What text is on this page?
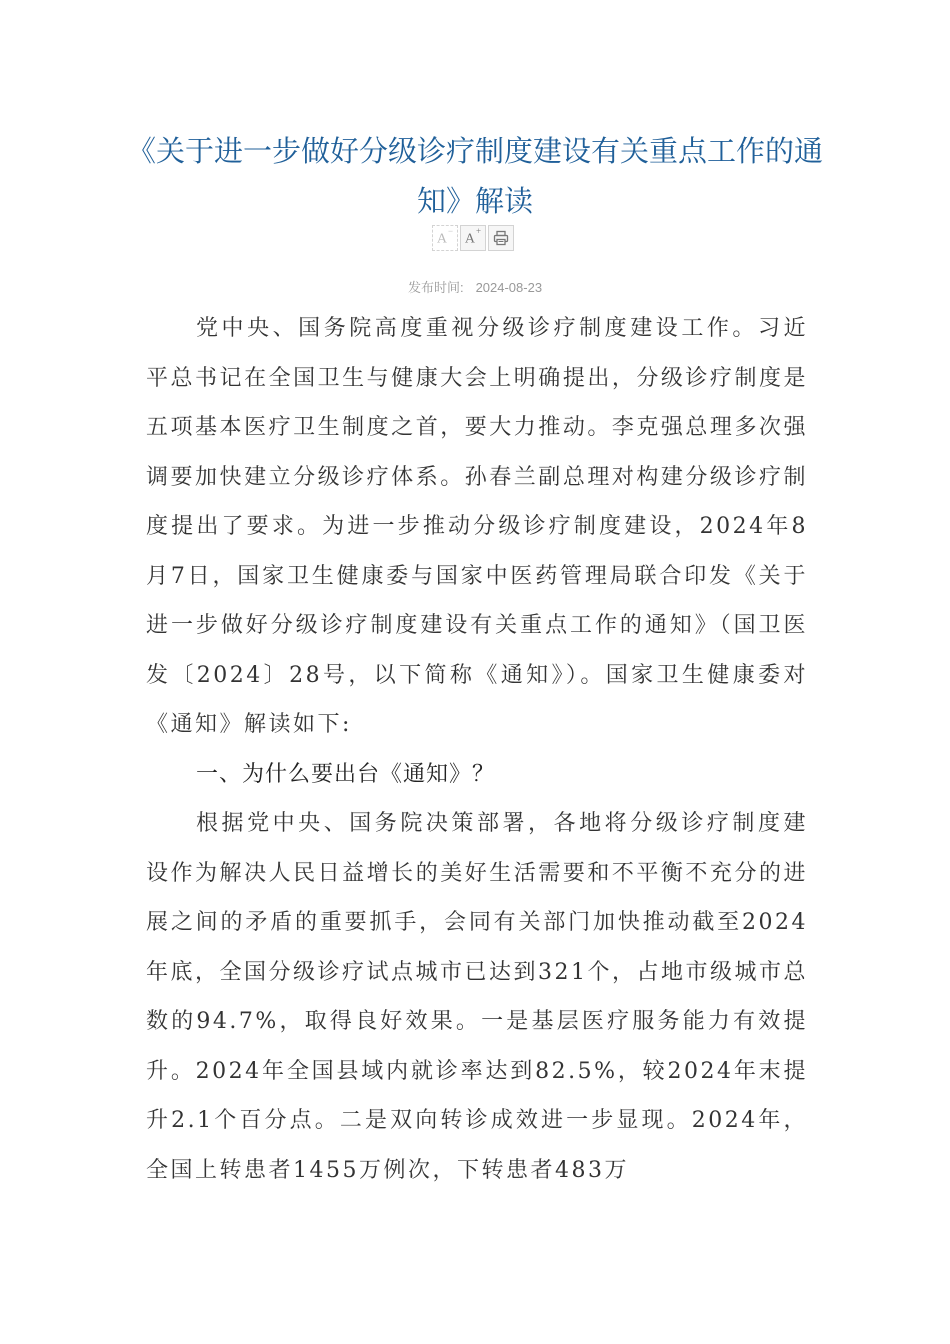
《关于进一步做好分级诊疗制度建设有关重点工作的通知》解读
A−
A+
发布时间: 2024-08-23

党中央、国务院高度重视分级诊疗制度建设工作。习近平总书记在全国卫生与健康大会上明确提出，分级诊疗制度是五项基本医疗卫生制度之首，要大力推动。李克强总理多次强调要加快建立分级诊疗体系。孙春兰副总理对构建分级诊疗制度提出了要求。为进一步推动分级诊疗制度建设，2024年8月7日，国家卫生健康委与国家中医药管理局联合印发《关于进一步做好分级诊疗制度建设有关重点工作的通知》（国卫医发〔2024〕28号，以下简称《通知》）。国家卫生健康委对《通知》解读如下:

一、为什么要出台《通知》？

根据党中央、国务院决策部署，各地将分级诊疗制度建设作为解决人民日益增长的美好生活需要和不平衡不充分的进展之间的矛盾的重要抓手，会同有关部门加快推动截至2024年底，全国分级诊疗试点城市已达到321个，占地市级城市总数的94.7%，取得良好效果。一是基层医疗服务能力有效提升。2024年全国县域内就诊率达到82.5%，较2024年末提升2.1个百分点。二是双向转诊成效进一步显现。2024年，全国上转患者1455万例次，下转患者483万
